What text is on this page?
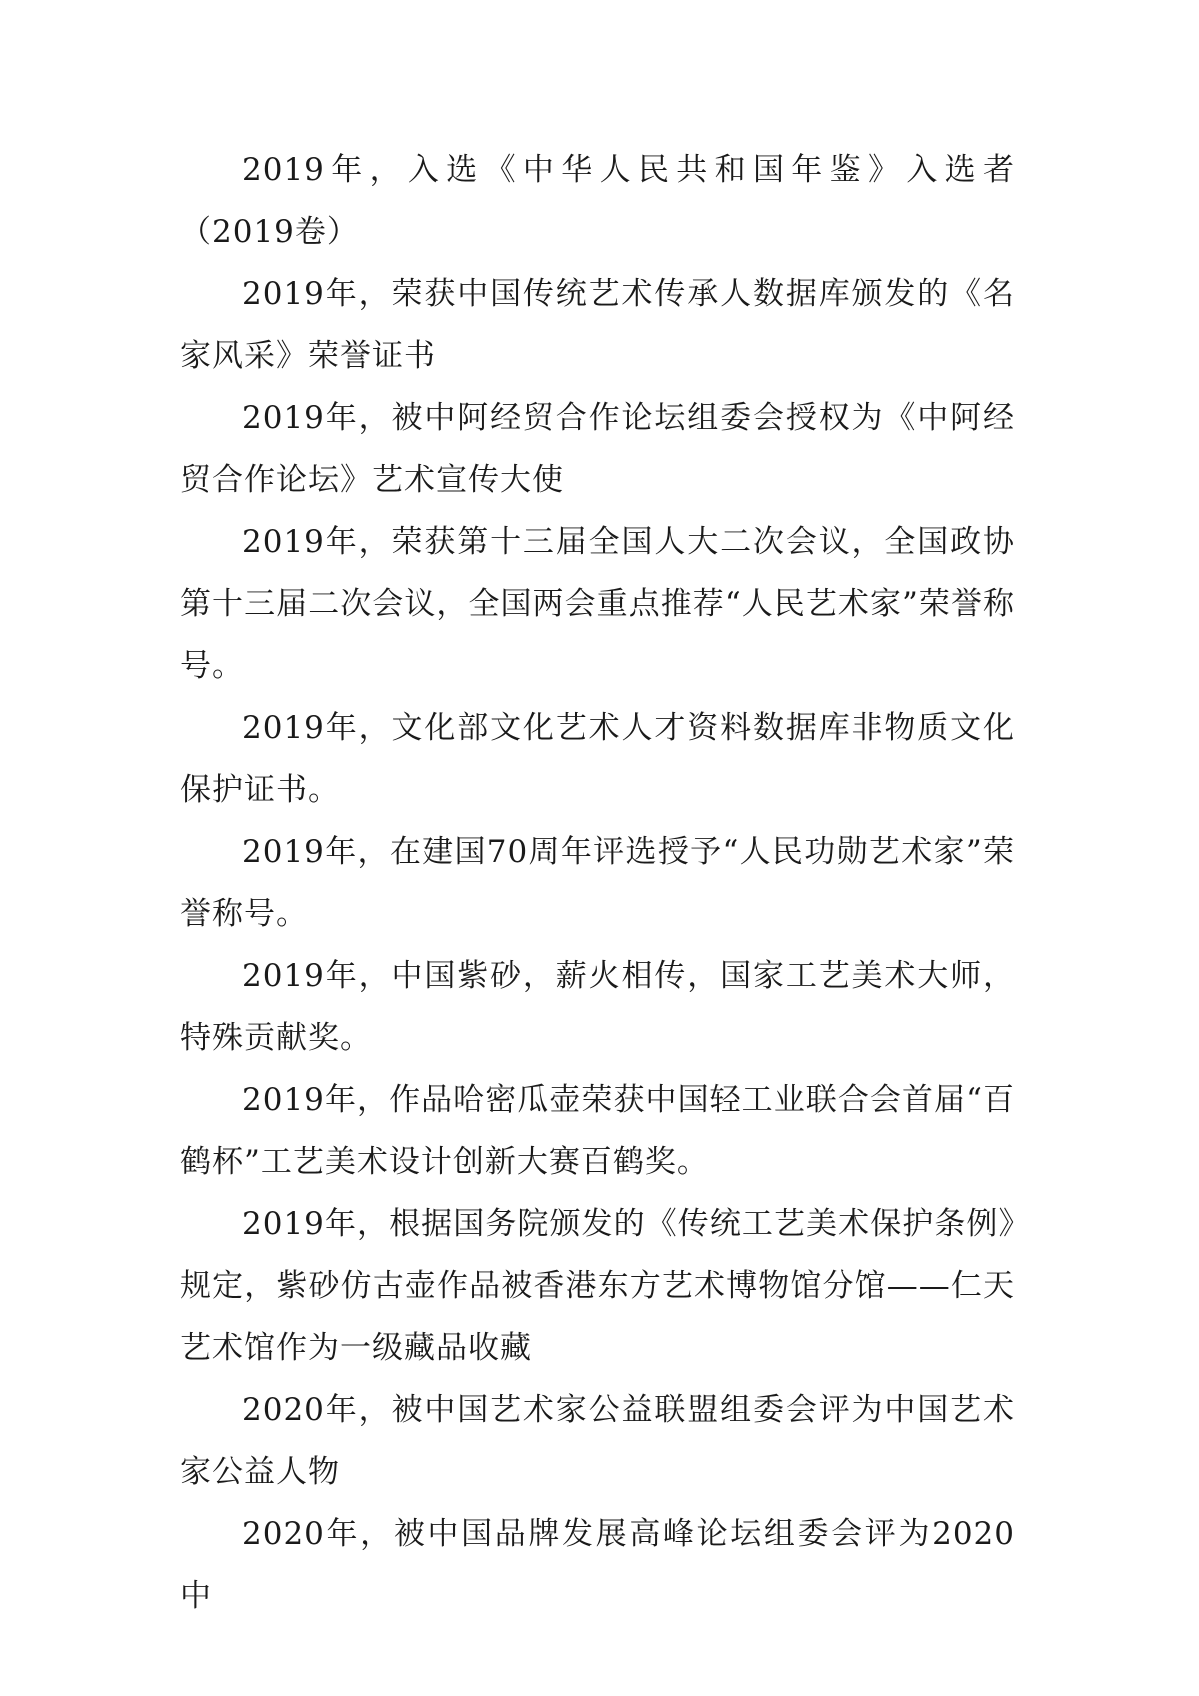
2019年，入选《中华人民共和国年鉴》入选者（2019卷）

2019年，荣获中国传统艺术传承人数据库颁发的《名家风采》荣誉证书

2019年，被中阿经贸合作论坛组委会授权为《中阿经贸合作论坛》艺术宣传大使

2019年，荣获第十三届全国人大二次会议，全国政协第十三届二次会议，全国两会重点推荐“人民艺术家”荣誉称号。

2019年，文化部文化艺术人才资料数据库非物质文化保护证书。

2019年，在建国70周年评选授予“人民功勋艺术家”荣誉称号。

2019年，中国紫砂，薪火相传，国家工艺美术大师，特殊贡献奖。

2019年，作品哈密瓜壶荣获中国轻工业联合会首届“百鹤杯”工艺美术设计创新大赛百鹤奖。

2019年，根据国务院颁发的《传统工艺美术保护条例》规定，紫砂仿古壶作品被香港东方艺术博物馆分馆——仁天艺术馆作为一级藏品收藏

2020年，被中国艺术家公益联盟组委会评为中国艺术家公益人物

2020年，被中国品牌发展高峰论坛组委会评为2020中
